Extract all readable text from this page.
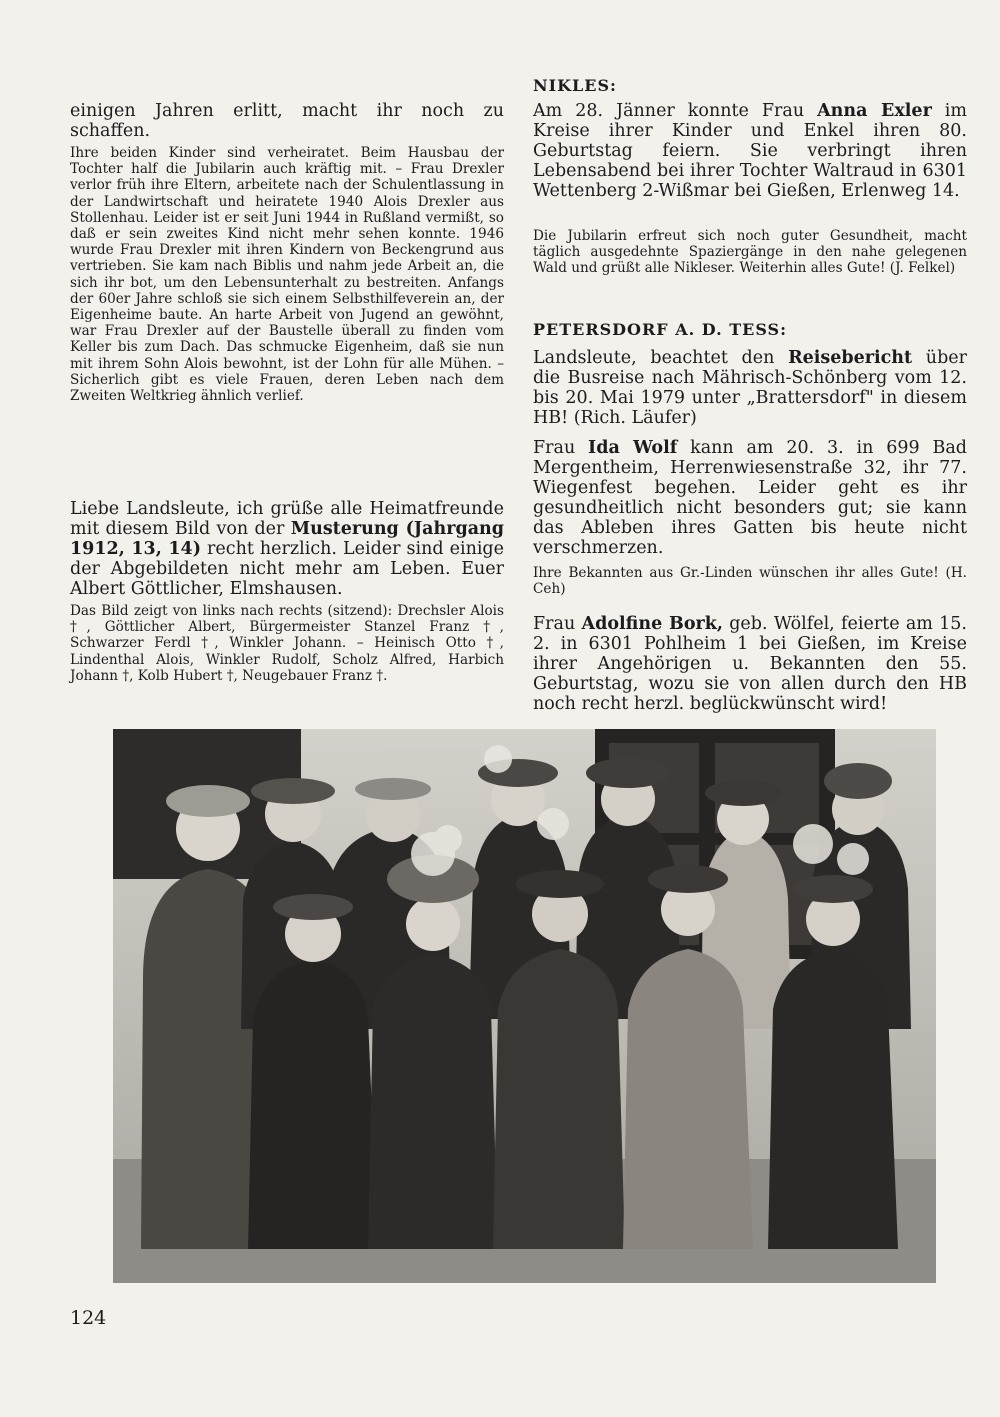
einigen Jahren erlitt, macht ihr noch zu schaffen.

Ihre beiden Kinder sind verheiratet. Beim Hausbau der Tochter half die Jubilarin auch kräftig mit. – Frau Drexler verlor früh ihre Eltern, arbeitete nach der Schulentlassung in der Landwirtschaft und heiratete 1940 Alois Drexler aus Stollenhau. Leider ist er seit Juni 1944 in Rußland vermißt, so daß er sein zweites Kind nicht mehr sehen konnte. 1946 wurde Frau Drexler mit ihren Kindern von Beckengrund aus vertrieben. Sie kam nach Biblis und nahm jede Arbeit an, die sich ihr bot, um den Lebensunterhalt zu bestreiten. Anfangs der 60er Jahre schloß sie sich einem Selbsthilfeverein an, der Eigenheime baute. An harte Arbeit von Jugend an gewöhnt, war Frau Drexler auf der Baustelle überall zu finden vom Keller bis zum Dach. Das schmucke Eigenheim, daß sie nun mit ihrem Sohn Alois bewohnt, ist der Lohn für alle Mühen. – Sicherlich gibt es viele Frauen, deren Leben nach dem Zweiten Weltkrieg ähnlich verlief.

Liebe Landsleute, ich grüße alle Heimatfreunde mit diesem Bild von der Musterung (Jahrgang 1912, 13, 14) recht herzlich. Leider sind einige der Abgebildeten nicht mehr am Leben. Euer Albert Göttlicher, Elmshausen.

Das Bild zeigt von links nach rechts (sitzend): Drechsler Alois †, Göttlicher Albert, Bürgermeister Stanzel Franz †, Schwarzer Ferdl †, Winkler Johann. – Heinisch Otto †, Lindenthal Alois, Winkler Rudolf, Scholz Alfred, Harbich Johann †, Kolb Hubert †, Neugebauer Franz †.

NIKLES:

Am 28. Jänner konnte Frau Anna Exler im Kreise ihrer Kinder und Enkel ihren 80. Geburtstag feiern. Sie verbringt ihren Lebensabend bei ihrer Tochter Waltraud in 6301 Wettenberg 2-Wißmar bei Gießen, Erlenweg 14.

Die Jubilarin erfreut sich noch guter Gesundheit, macht täglich ausgedehnte Spaziergänge in den nahe gelegenen Wald und grüßt alle Nikleser. Weiterhin alles Gute! (J. Felkel)

PETERSDORF A. D. TESS:

Landsleute, beachtet den Reisebericht über die Busreise nach Mährisch-Schönberg vom 12. bis 20. Mai 1979 unter „Brattersdorf" in diesem HB! (Rich. Läufer)

Frau Ida Wolf kann am 20. 3. in 699 Bad Mergentheim, Herrenwiesenstraße 32, ihr 77. Wiegenfest begehen. Leider geht es ihr gesundheitlich nicht besonders gut; sie kann das Ableben ihres Gatten bis heute nicht verschmerzen.

Ihre Bekannten aus Gr.-Linden wünschen ihr alles Gute! (H. Ceh)

Frau Adolfine Bork, geb. Wölfel, feierte am 15. 2. in 6301 Pohlheim 1 bei Gießen, im Kreise ihrer Angehörigen u. Bekannten den 55. Geburtstag, wozu sie von allen durch den HB noch recht herzl. beglückwünscht wird!

124
